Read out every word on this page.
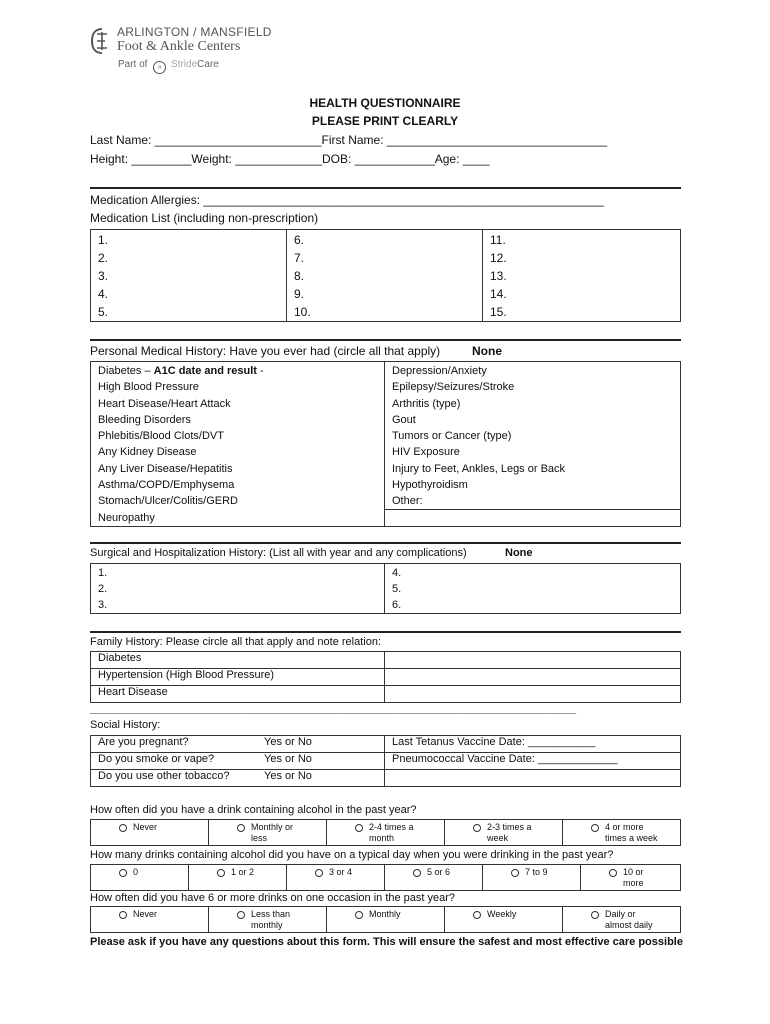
ARLINGTON / MANSFIELD
Foot & Ankle Centers
Part of » StrideCare
HEALTH QUESTIONNAIRE
PLEASE PRINT CLEARLY
Last Name: _________________________First Name: _________________________________
Height: _________Weight: _____________DOB: ____________Age: ____
Medication Allergies: ____________________________________________________________
Medication List (including non-prescription)
1.
2.
3.
4.
5.

6.
7.
8.
9.
10.

11.
12.
13.
14.
15.
Personal Medical History: Have you ever had (circle all that apply)	None
Diabetes – A1C date and result -
High Blood Pressure
Heart Disease/Heart Attack
Bleeding Disorders
Phlebitis/Blood Clots/DVT
Any Kidney Disease
Any Liver Disease/Hepatitis
Asthma/COPD/Emphysema
Stomach/Ulcer/Colitis/GERD
Neuropathy

Depression/Anxiety
Epilepsy/Seizures/Stroke
Arthritis (type)
Gout
Tumors or Cancer (type)
HIV Exposure
Injury to Feet, Ankles, Legs or Back
Hypothyroidism
Other:
Surgical and Hospitalization History: (List all with year and any complications)	None
1.
2.
3.

4.
5.
6.
Family History: Please circle all that apply and note relation:
Diabetes	
Hypertension (High Blood Pressure)	
Heart Disease	
_____________________________________________________________________________
Social History:
Are you pregnant? Yes or No	Last Tetanus Vaccine Date: ___________
Do you smoke or vape? Yes or No	Pneumococcal Vaccine Date: _____________
Do you use other tobacco? Yes or No	
How often did you have a drink containing alcohol in the past year?
Never	Monthly or
less

2-4 times a
month

2-3 times a
week

4 or more
times a week
How many drinks containing alcohol did you have on a typical day when you were drinking in the past year?
0	1 or 2	3 or 4	5 or 6	7 to 9	10 or
more
How often did you have 6 or more drinks on one occasion in the past year?
Never	Less than
monthly

Monthly	Weekly	Daily or
almost daily
Please ask if you have any questions about this form. This will ensure the safest and most effective care possible
